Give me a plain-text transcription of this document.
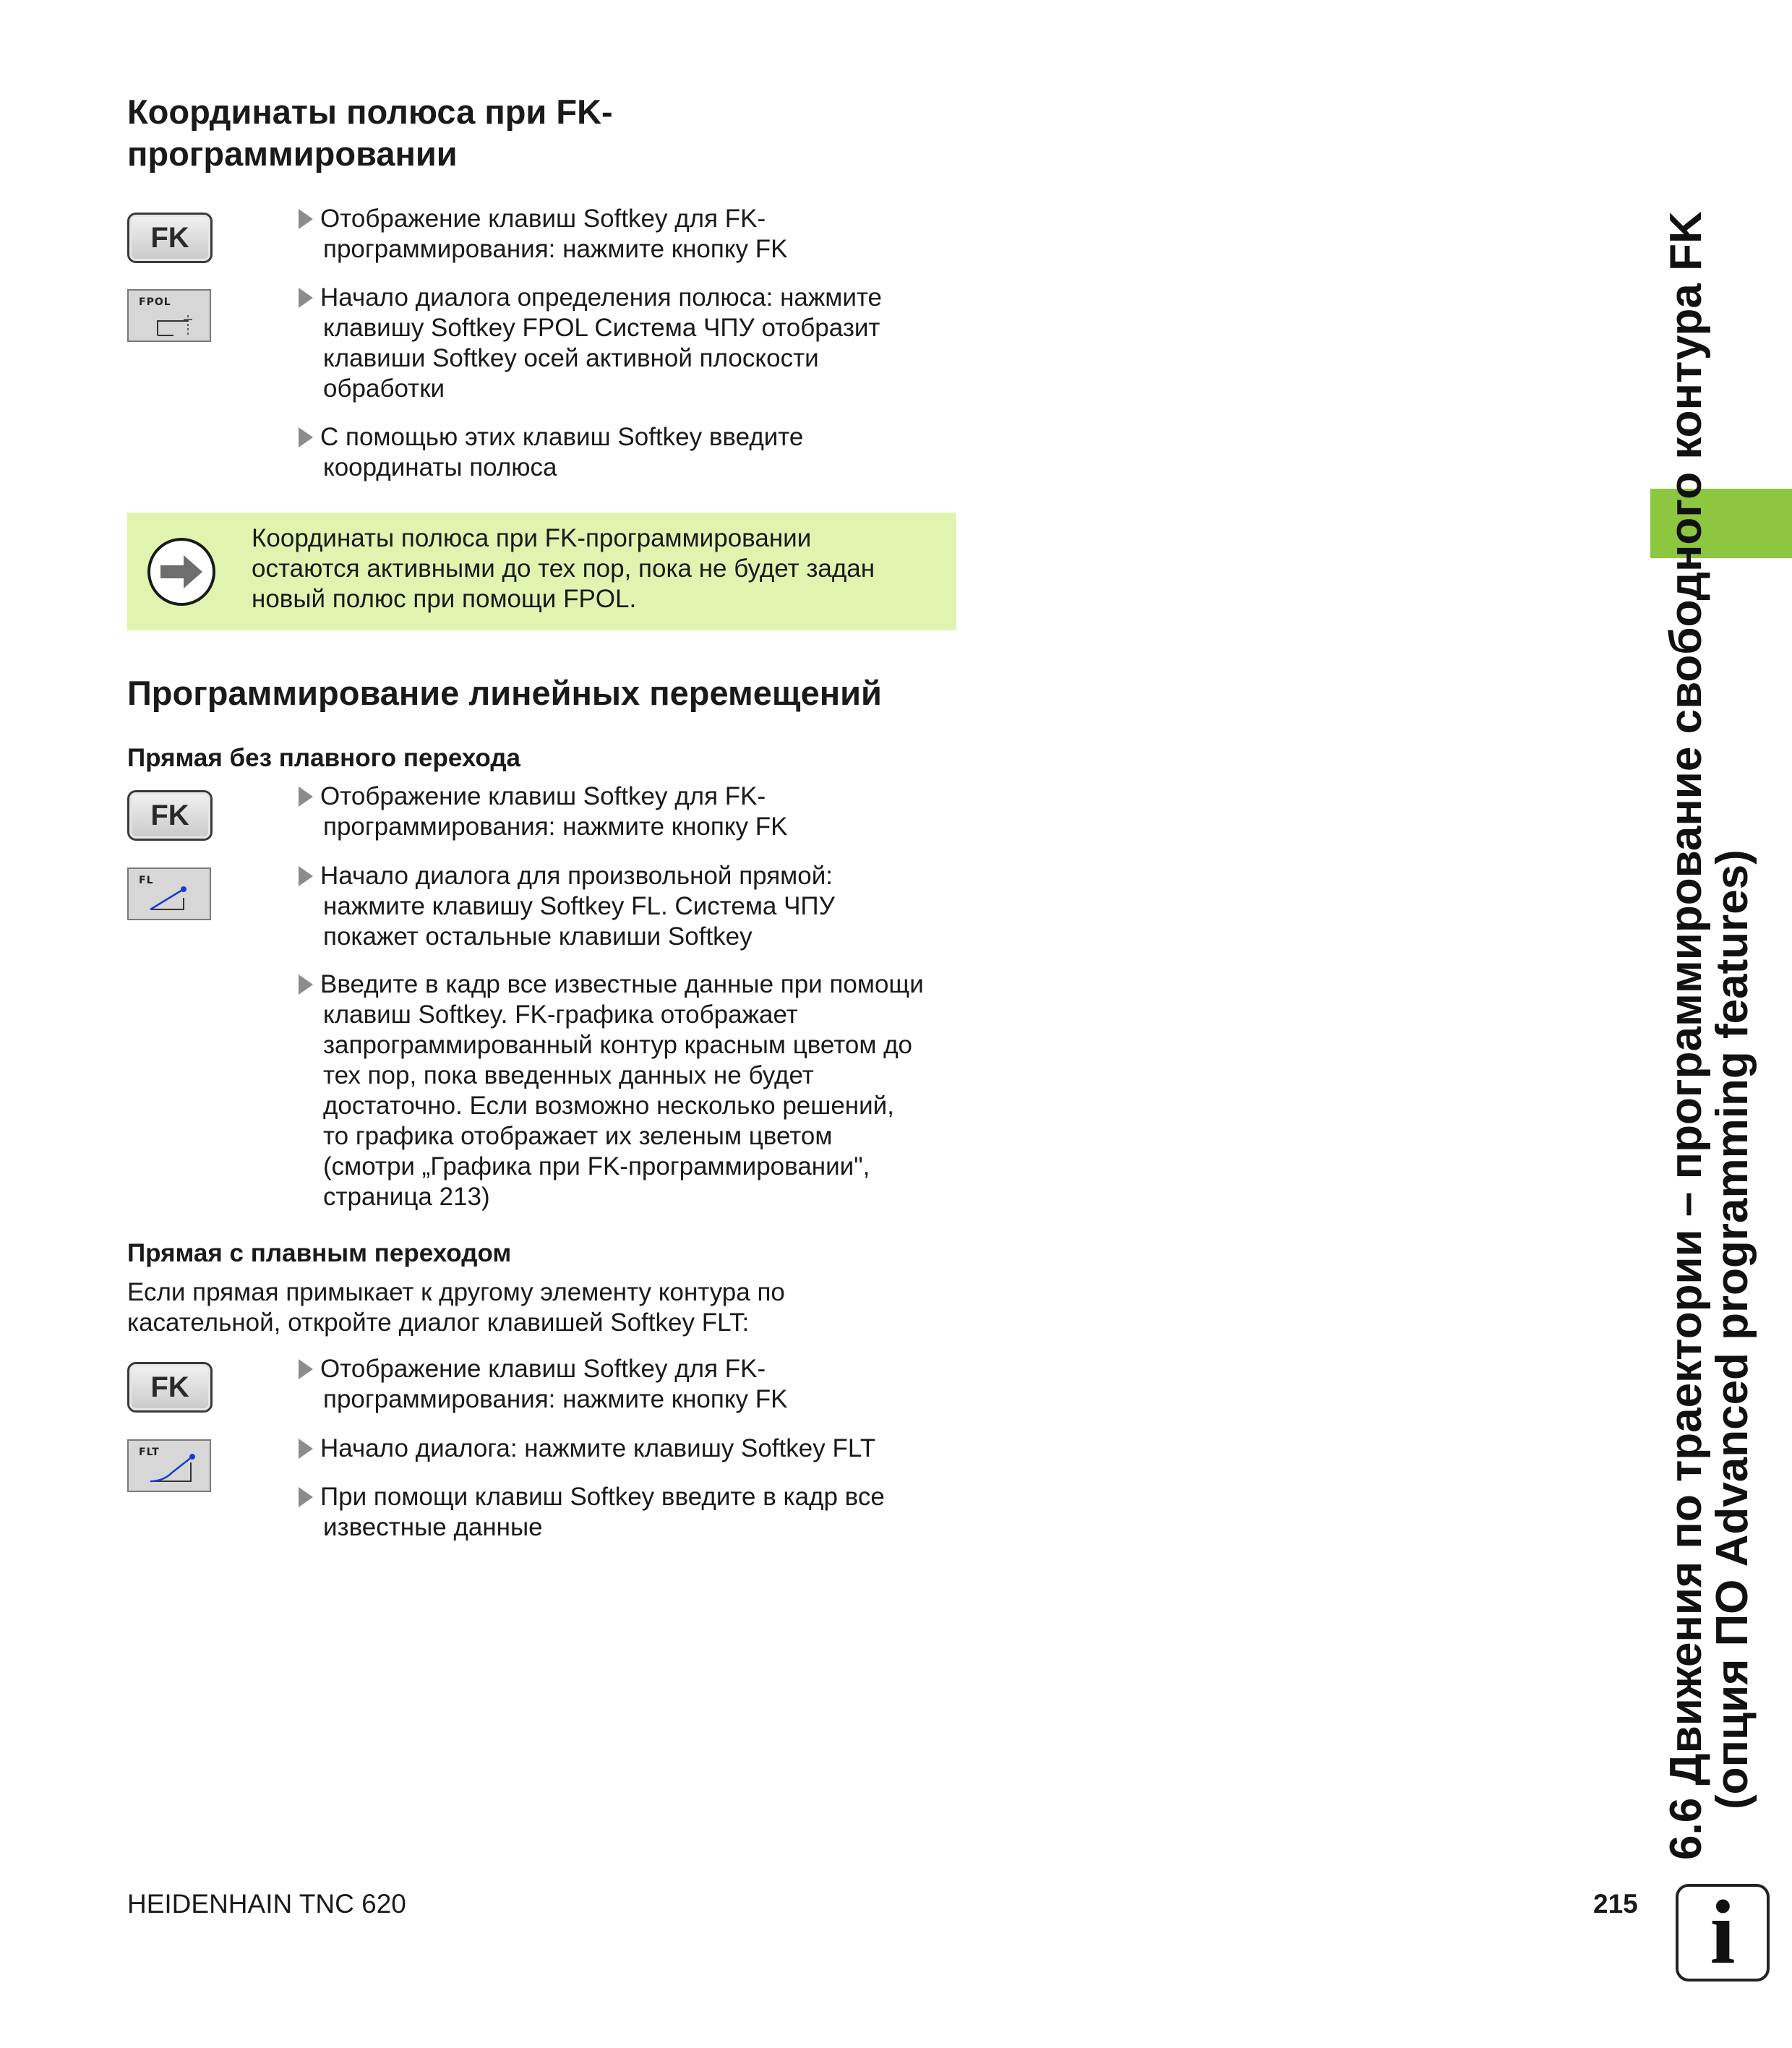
Координаты полюса при FK-
программировании
FK
FPOL
Отображение клавиш Softkey для FK-
программирования: нажмите кнопку FK
Начало диалога определения полюса: нажмите
клавишу Softkey FPOL Система ЧПУ отобразит
клавиши Softkey осей активной плоскости
обработки
С помощью этих клавиш Softkey введите
координаты полюса
Координаты полюса при FK-программировании
остаются активными до тех пор, пока не будет задан
новый полюс при помощи FPOL.
Программирование линейных перемещений
Прямая без плавного перехода
FK
FL
Отображение клавиш Softkey для FK-
программирования: нажмите кнопку FK
Начало диалога для произвольной прямой:
нажмите клавишу Softkey FL. Система ЧПУ
покажет остальные клавиши Softkey
Введите в кадр все известные данные при помощи
клавиш Softkey. FK-графика отображает
запрограммированный контур красным цветом до
тех пор, пока введенных данных не будет
достаточно. Если возможно несколько решений,
то графика отображает их зеленым цветом
(смотри „Графика при FK-программировании",
страница 213)
Прямая с плавным переходом
Если прямая примыкает к другому элементу контура по
касательной, откройте диалог клавишей Softkey FLT:
FK
FLT
Отображение клавиш Softkey для FK-
программирования: нажмите кнопку FK
Начало диалога: нажмите клавишу Softkey FLT
При помощи клавиш Softkey введите в кадр все
известные данные
HEIDENHAIN TNC 620	215
6.6 Движения по траектории – программирование свободного контура FK
(опция ПО Advanced programming features)
i
